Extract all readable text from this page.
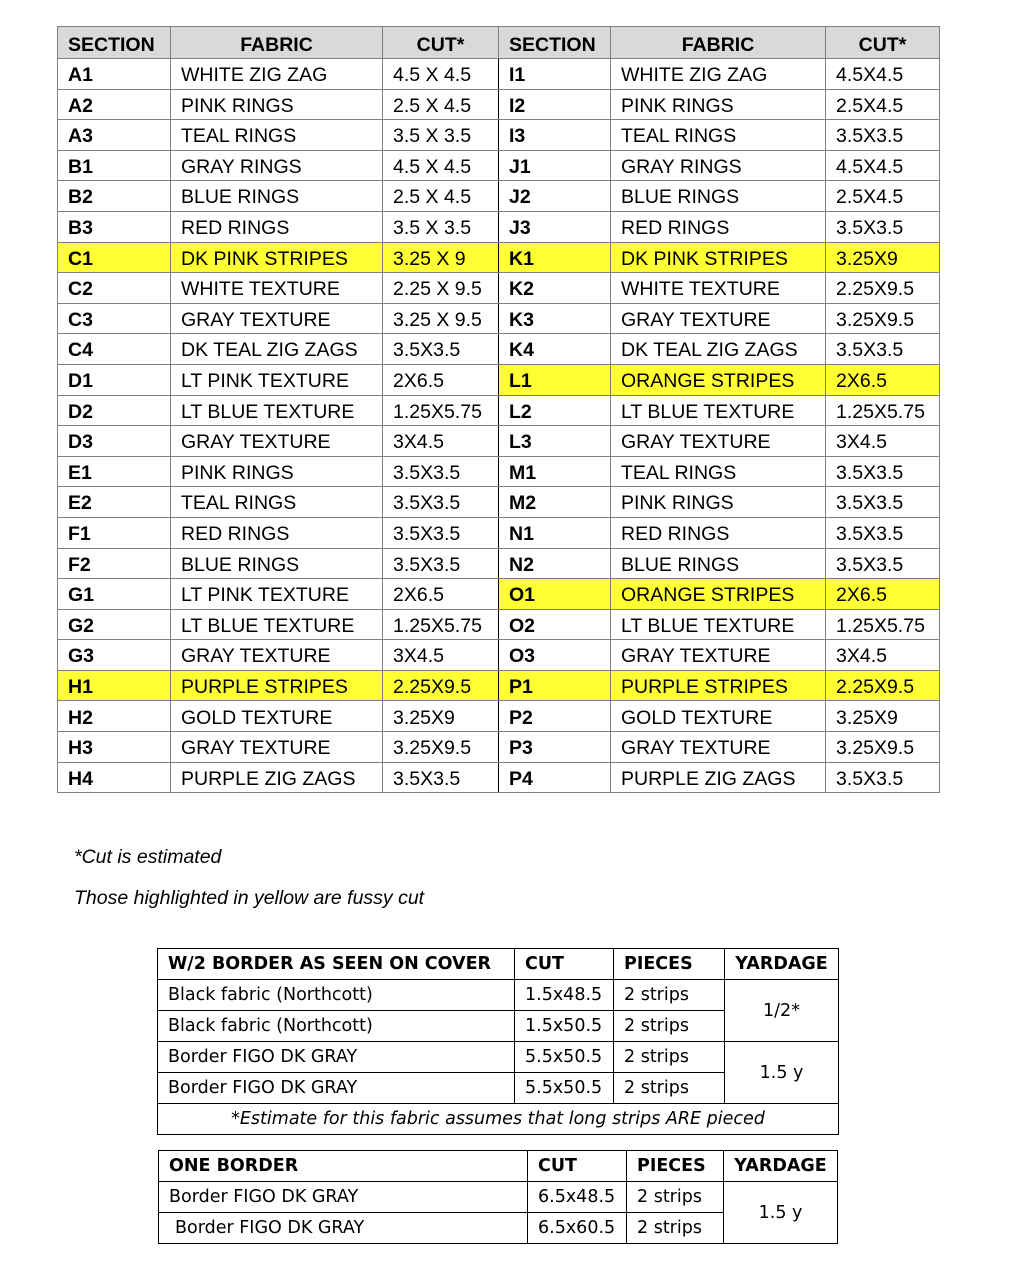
SECTION	FABRIC	CUT*	SECTION	FABRIC	CUT*
A1	WHITE ZIG ZAG	4.5 X 4.5	I1	WHITE ZIG ZAG	4.5X4.5
A2	PINK RINGS	2.5 X 4.5	I2	PINK RINGS	2.5X4.5
A3	TEAL RINGS	3.5 X 3.5	I3	TEAL RINGS	3.5X3.5
B1	GRAY RINGS	4.5 X 4.5	J1	GRAY RINGS	4.5X4.5
B2	BLUE RINGS	2.5 X 4.5	J2	BLUE RINGS	2.5X4.5
B3	RED RINGS	3.5 X 3.5	J3	RED RINGS	3.5X3.5
C1	DK PINK STRIPES	3.25 X 9	K1	DK PINK STRIPES	3.25X9
C2	WHITE TEXTURE	2.25 X 9.5	K2	WHITE TEXTURE	2.25X9.5
C3	GRAY TEXTURE	3.25 X 9.5	K3	GRAY TEXTURE	3.25X9.5
C4	DK TEAL ZIG ZAGS	3.5X3.5	K4	DK TEAL ZIG ZAGS	3.5X3.5
D1	LT PINK TEXTURE	2X6.5	L1	ORANGE STRIPES	2X6.5
D2	LT BLUE TEXTURE	1.25X5.75	L2	LT BLUE TEXTURE	1.25X5.75
D3	GRAY TEXTURE	3X4.5	L3	GRAY TEXTURE	3X4.5
E1	PINK RINGS	3.5X3.5	M1	TEAL RINGS	3.5X3.5
E2	TEAL RINGS	3.5X3.5	M2	PINK RINGS	3.5X3.5
F1	RED RINGS	3.5X3.5	N1	RED RINGS	3.5X3.5
F2	BLUE RINGS	3.5X3.5	N2	BLUE RINGS	3.5X3.5
G1	LT PINK TEXTURE	2X6.5	O1	ORANGE STRIPES	2X6.5
G2	LT BLUE TEXTURE	1.25X5.75	O2	LT BLUE TEXTURE	1.25X5.75
G3	GRAY TEXTURE	3X4.5	O3	GRAY TEXTURE	3X4.5
H1	PURPLE STRIPES	2.25X9.5	P1	PURPLE STRIPES	2.25X9.5
H2	GOLD TEXTURE	3.25X9	P2	GOLD TEXTURE	3.25X9
H3	GRAY TEXTURE	3.25X9.5	P3	GRAY TEXTURE	3.25X9.5
H4	PURPLE ZIG ZAGS	3.5X3.5	P4	PURPLE ZIG ZAGS	3.5X3.5
*Cut is estimated
Those highlighted in yellow are fussy cut
W/2 BORDER AS SEEN ON COVER	CUT	PIECES	YARDAGE
Black fabric (Northcott)	1.5x48.5	2 strips	1/2*
Black fabric (Northcott)	1.5x50.5	2 strips	
Border FIGO DK GRAY	5.5x50.5	2 strips	1.5 y
Border FIGO DK GRAY	5.5x50.5	2 strips	
*Estimate for this fabric assumes that long strips ARE pieced			
ONE BORDER	CUT	PIECES	YARDAGE
Border FIGO DK GRAY	6.5x48.5	2 strips	1.5 y
Border FIGO DK GRAY	6.5x60.5	2 strips	
